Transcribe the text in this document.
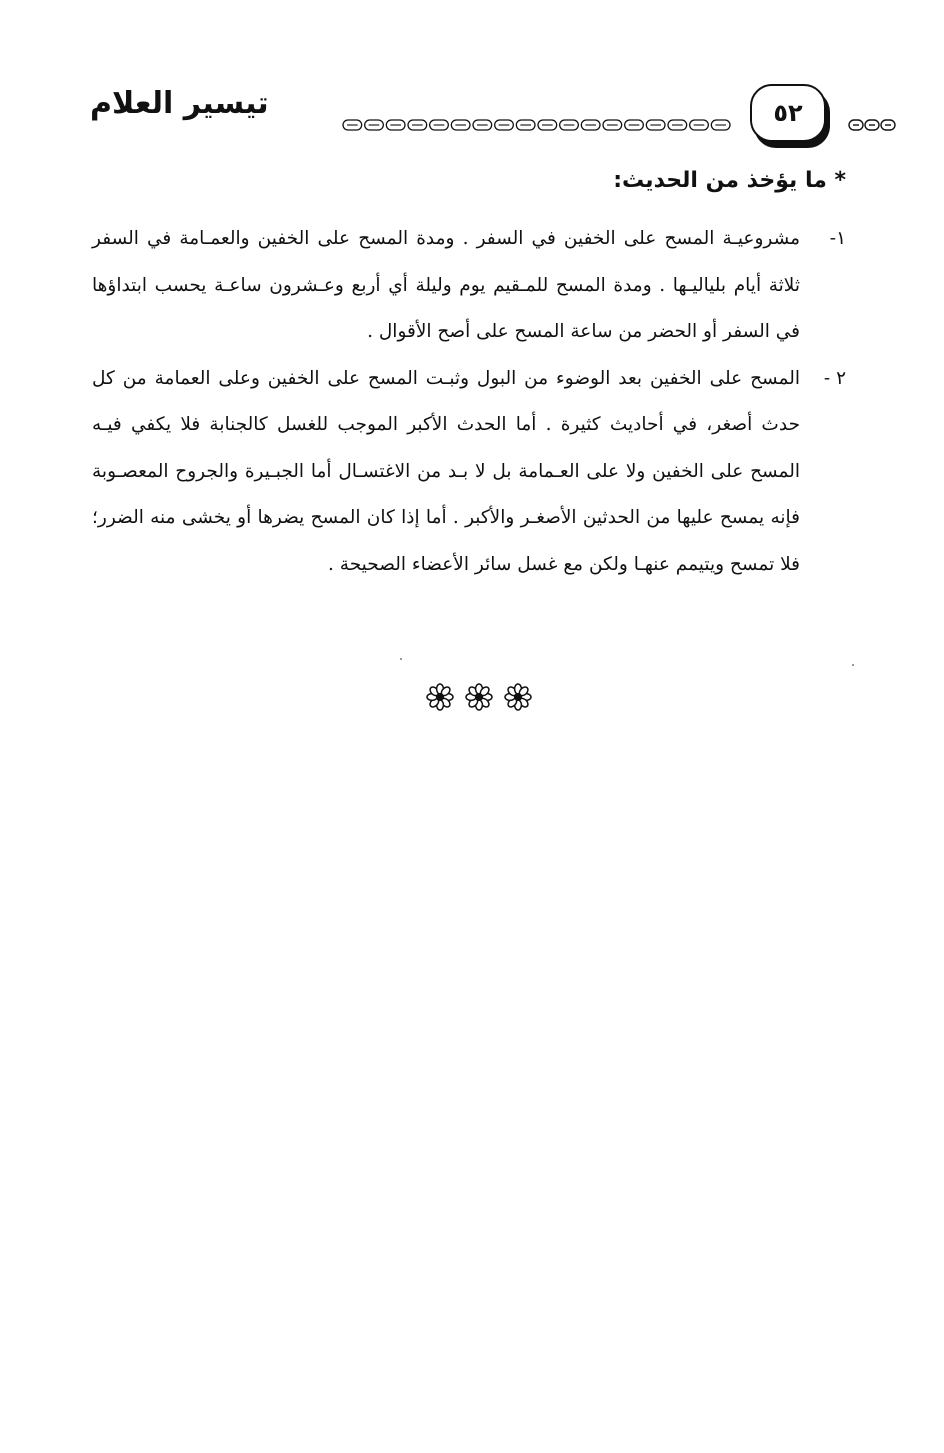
٥٢
تيسير العلام
* ما يؤخذ من الحديث:
١-
مشروعيـة المسح على الخفين في السفر . ومدة المسح على الخفين والعمـامة في السفر ثلاثة أيام بلياليـها . ومدة المسح للمـقيم يوم وليلة أي أربع وعـشرون ساعـة يحسب ابتداؤها في السفر أو الحضر من ساعة المسح على أصح الأقوال .
٢ -
المسح على الخفين بعد الوضوء من البول وثبـت المسح على الخفين وعلى العمامة من كل حدث أصغر، في أحاديث كثيرة . أما الحدث الأكبر الموجب للغسل كالجنابة فلا يكفي فيـه المسح على الخفين ولا على العـمامة بل لا بـد من الاغتسـال أما الجبـيرة والجروح المعصـوبة فإنه يمسح عليها من الحدثين الأصغـر والأكبر . أما إذا كان المسح يضرها أو يخشى منه الضرر؛ فلا تمسح ويتيمم عنهـا ولكن مع غسل سائر الأعضاء الصحيحة .
